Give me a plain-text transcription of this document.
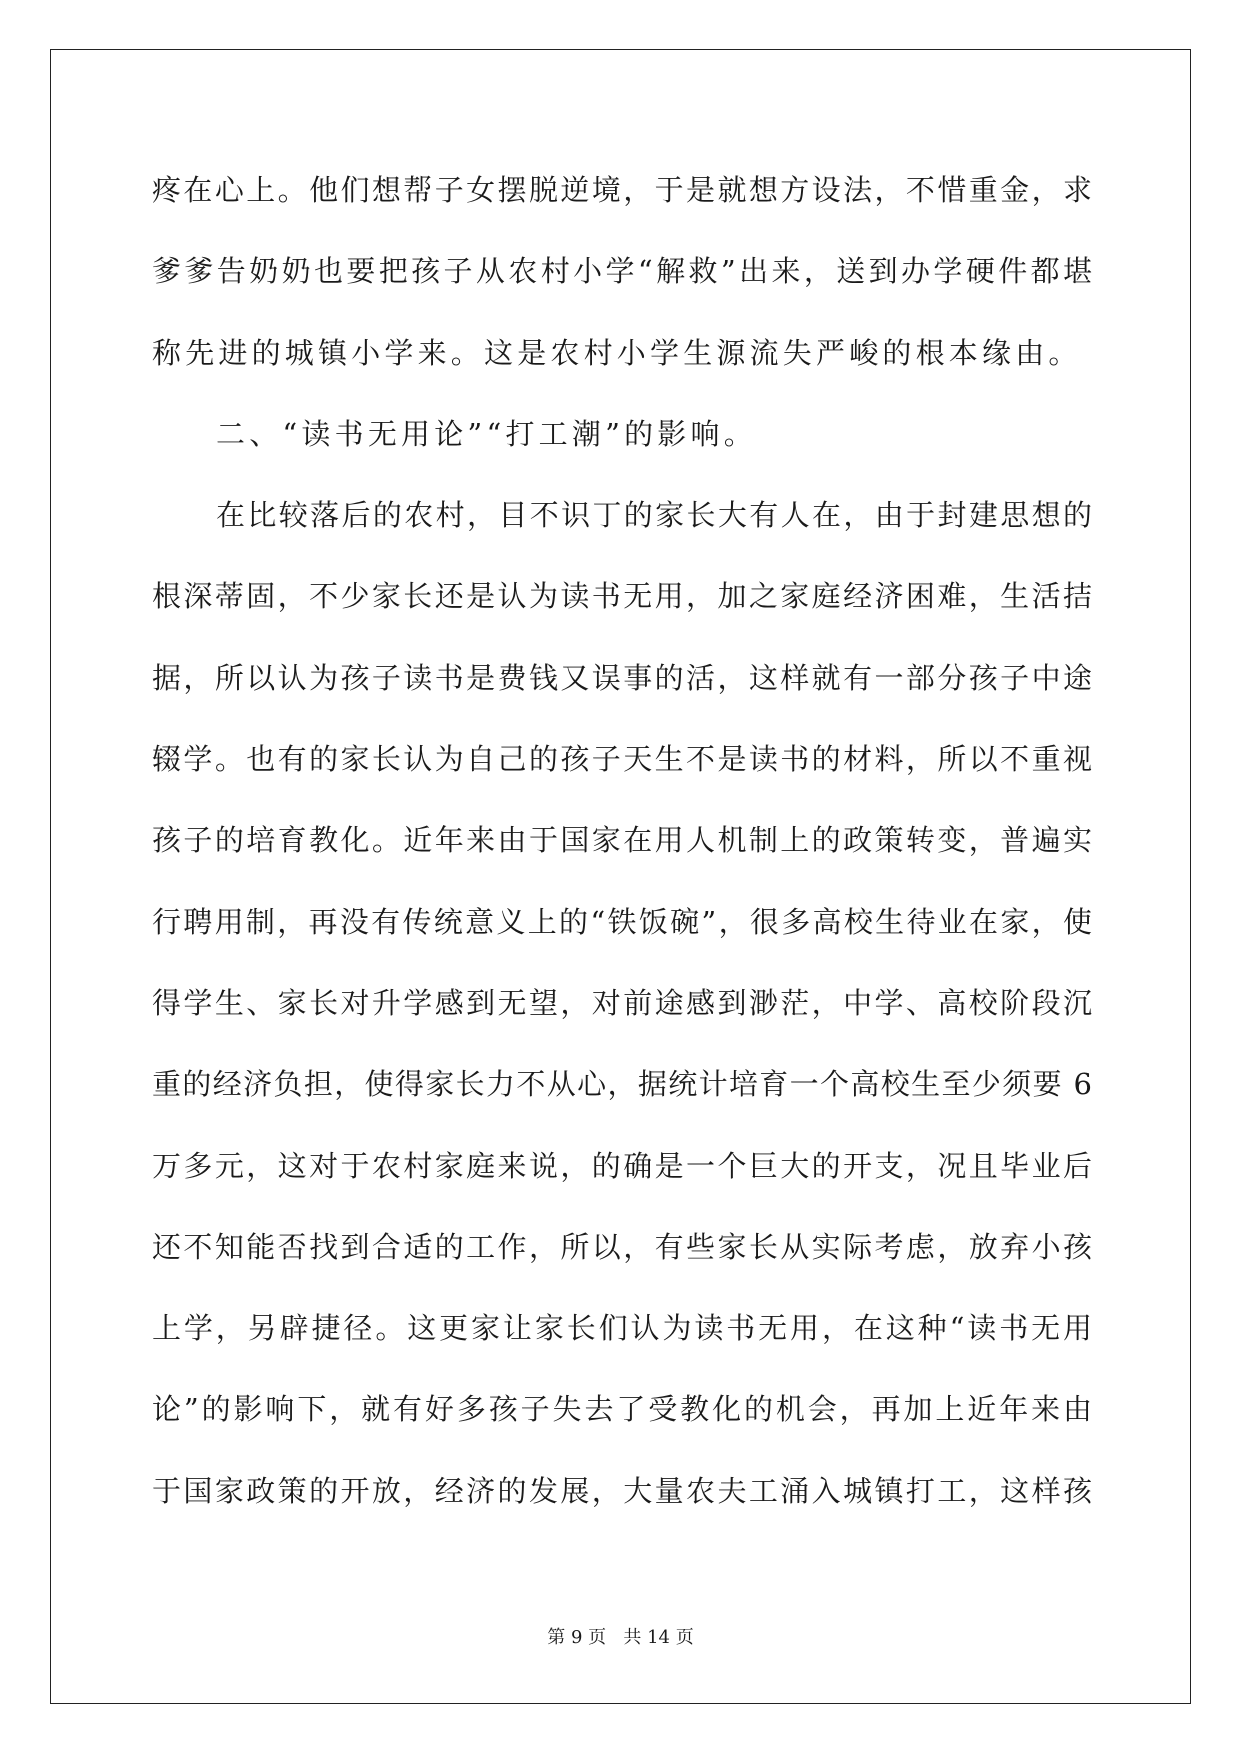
疼在心上。他们想帮子女摆脱逆境，于是就想方设法，不惜重金，求
爹爹告奶奶也要把孩子从农村小学“解救”出来，送到办学硬件都堪
称先进的城镇小学来。这是农村小学生源流失严峻的根本缘由。
二、“读书无用论”“打工潮”的影响。
在比较落后的农村，目不识丁的家长大有人在，由于封建思想的
根深蒂固，不少家长还是认为读书无用，加之家庭经济困难，生活拮
据，所以认为孩子读书是费钱又误事的活，这样就有一部分孩子中途
辍学。也有的家长认为自己的孩子天生不是读书的材料，所以不重视
孩子的培育教化。近年来由于国家在用人机制上的政策转变，普遍实
行聘用制，再没有传统意义上的“铁饭碗”，很多高校生待业在家，使
得学生、家长对升学感到无望，对前途感到渺茫，中学、高校阶段沉
重的经济负担，使得家长力不从心，据统计培育一个高校生至少须要 6
万多元，这对于农村家庭来说，的确是一个巨大的开支，况且毕业后
还不知能否找到合适的工作，所以，有些家长从实际考虑，放弃小孩
上学，另辟捷径。这更家让家长们认为读书无用，在这种“读书无用
论”的影响下，就有好多孩子失去了受教化的机会，再加上近年来由
于国家政策的开放，经济的发展，大量农夫工涌入城镇打工，这样孩
第 9 页 共 14 页
